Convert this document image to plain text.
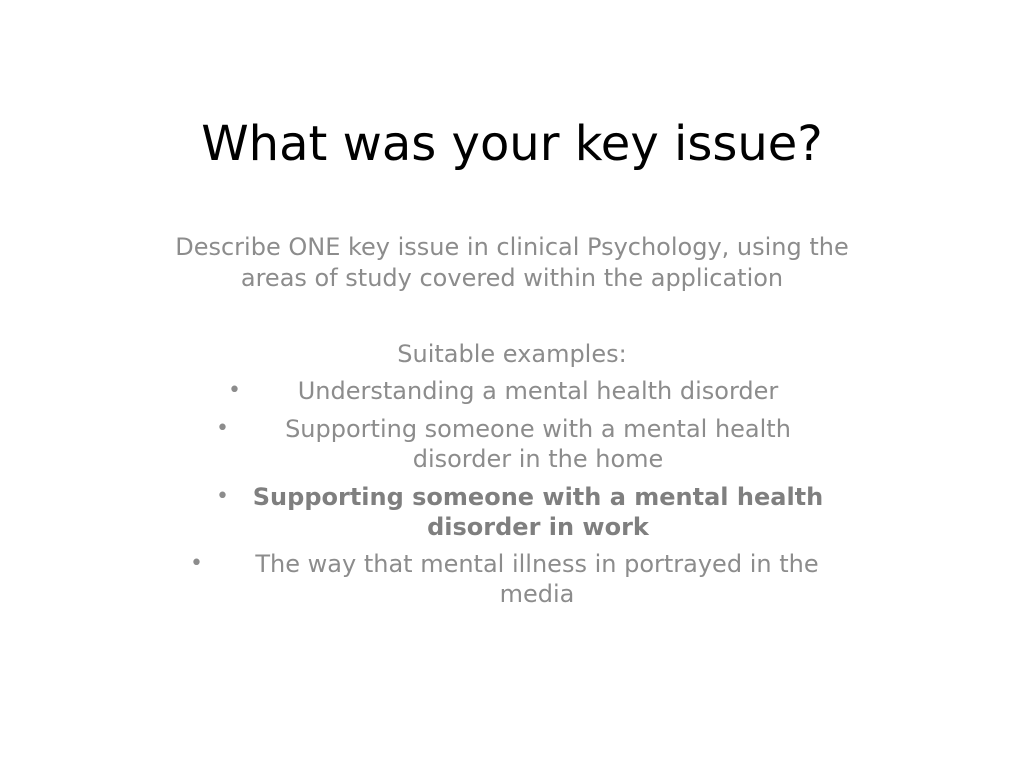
What was your key issue?

Describe ONE key issue in clinical Psychology, using the areas of study covered within the application

Suitable examples:

•	Understanding a mental health disorder
•	Supporting someone with a mental health disorder in the home
• Supporting someone with a mental health disorder in work
•	The way that mental illness in portrayed in the media
